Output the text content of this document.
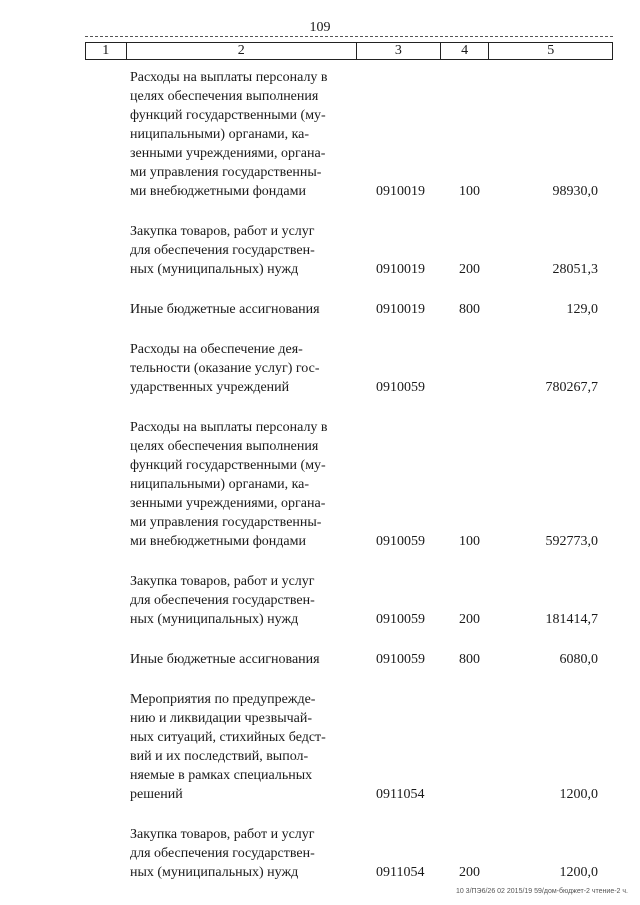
109
1	2	3	4	5
Расходы на выплаты персоналу в
целях обеспечения выполнения
функций государственными (му-
ниципальными) органами, ка-
зенными учреждениями, органа-
ми управления государственны-
ми внебюджетными фондами	0910019 100	98930,0
Закупка товаров, работ и услуг
для обеспечения государствен-
ных (муниципальных) нужд	0910019 200	28051,3
Иные бюджетные ассигнования	0910019 800	129,0
Расходы на обеспечение дея-
тельности (оказание услуг) гос-
ударственных учреждений	0910059	780267,7
Расходы на выплаты персоналу в
целях обеспечения выполнения
функций государственными (му-
ниципальными) органами, ка-
зенными учреждениями, органа-
ми управления государственны-
ми внебюджетными фондами	0910059 100	592773,0
Закупка товаров, работ и услуг
для обеспечения государствен-
ных (муниципальных) нужд	0910059 200	181414,7
Иные бюджетные ассигнования	0910059 800	6080,0
Мероприятия по предупрежде-
нию и ликвидации чрезвычай-
ных ситуаций, стихийных бедст-
вий и их последствий, выпол-
няемые в рамках специальных
решений	0911054	1200,0
Закупка товаров, работ и услуг
для обеспечения государствен-
ных (муниципальных) нужд	0911054 200	1200,0
10 3/ПЭ6/26 02 2015/19 59/дом-бюджет-2 чтение-2 ч.
